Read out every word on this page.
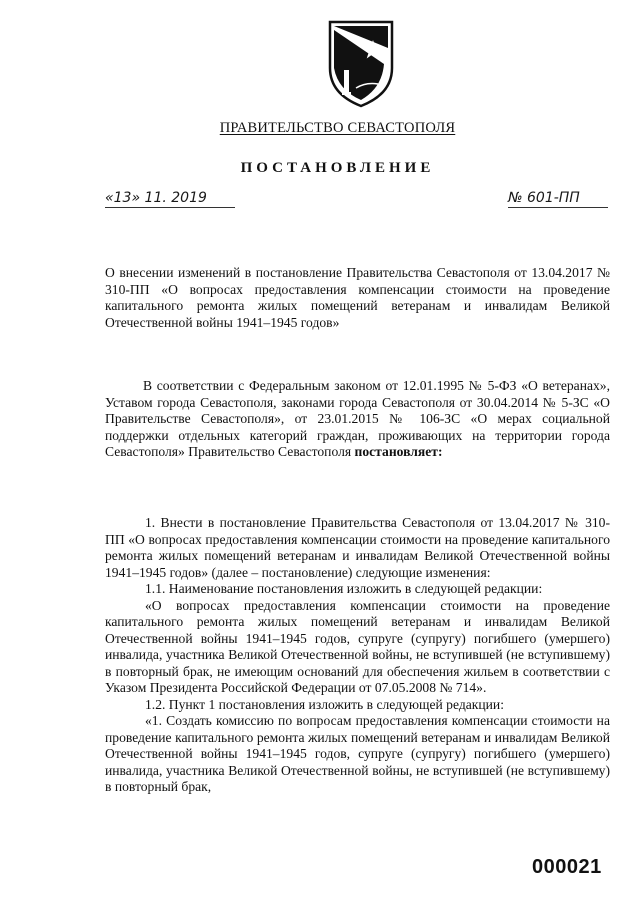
ПРАВИТЕЛЬСТВО СЕВАСТОПОЛЯ
ПОСТАНОВЛЕНИЕ
«13» 11. 2019	№ 601-ПП

О внесении изменений в постановление Правительства Севастополя от 13.04.2017 № 310-ПП «О вопросах предоставления компенсации стоимости на проведение капитального ремонта жилых помещений ветеранам и инвалидам Великой Отечественной войны 1941–1945 годов»

В соответствии с Федеральным законом от 12.01.1995 № 5-ФЗ «О ветеранах», Уставом города Севастополя, законами города Севастополя от 30.04.2014 № 5-ЗС «О Правительстве Севастополя», от 23.01.2015 № 106-ЗС «О мерах социальной поддержки отдельных категорий граждан, проживающих на территории города Севастополя» Правительство Севастополя постановляет:

1. Внести в постановление Правительства Севастополя от 13.04.2017 № 310-ПП «О вопросах предоставления компенсации стоимости на проведение капитального ремонта жилых помещений ветеранам и инвалидам Великой Отечественной войны 1941–1945 годов» (далее – постановление) следующие изменения:

1.1. Наименование постановления изложить в следующей редакции:

«О вопросах предоставления компенсации стоимости на проведение капитального ремонта жилых помещений ветеранам и инвалидам Великой Отечественной войны 1941–1945 годов, супруге (супругу) погибшего (умершего) инвалида, участника Великой Отечественной войны, не вступившей (не вступившему) в повторный брак, не имеющим оснований для обеспечения жильем в соответствии с Указом Президента Российской Федерации от 07.05.2008 № 714».

1.2. Пункт 1 постановления изложить в следующей редакции:

«1. Создать комиссию по вопросам предоставления компенсации стоимости на проведение капитального ремонта жилых помещений ветеранам и инвалидам Великой Отечественной войны 1941–1945 годов, супруге (супругу) погибшего (умершего) инвалида, участника Великой Отечественной войны, не вступившей (не вступившему) в повторный брак,

000021
